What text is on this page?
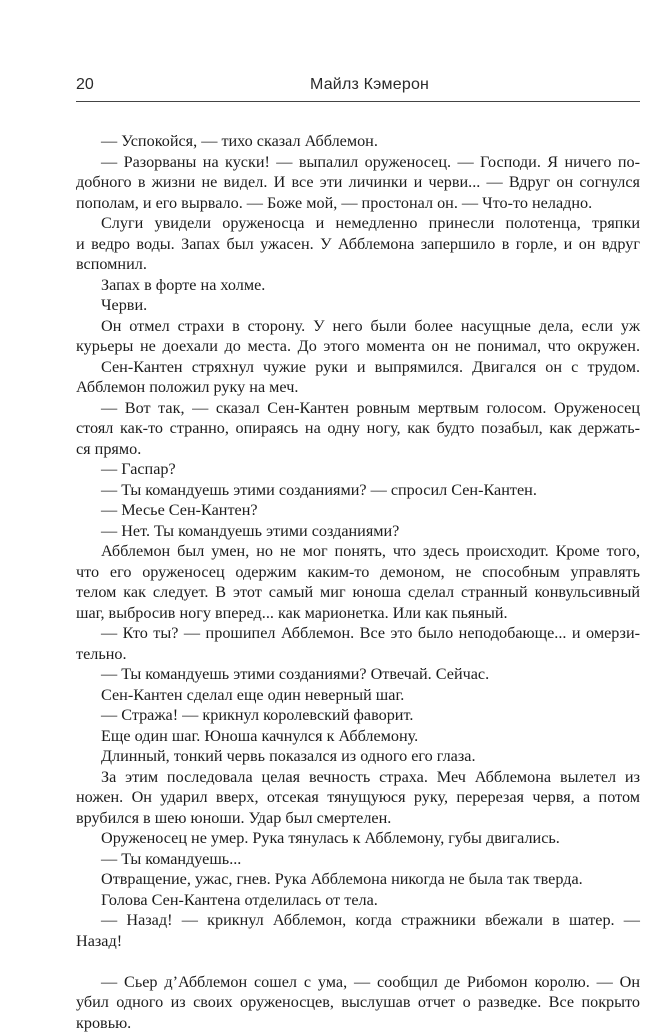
20	Майлз Кэмерон
— Успокойся, — тихо сказал Абблемон.
— Разорваны на куски! — выпалил оруженосец. — Господи. Я ничего по-
добного в жизни не видел. И все эти личинки и черви... — Вдруг он согнулся
пополам, и его вырвало. — Боже мой, — простонал он. — Что-то неладно.
Слуги увидели оруженосца и немедленно принесли полотенца, тряпки
и ведро воды. Запах был ужасен. У Абблемона запершило в горле, и он вдруг
вспомнил.
Запах в форте на холме.
Черви.
Он отмел страхи в сторону. У него были более насущные дела, если уж
курьеры не доехали до места. До этого момента он не понимал, что окружен.
Сен-Кантен стряхнул чужие руки и выпрямился. Двигался он с трудом.
Абблемон положил руку на меч.
— Вот так, — сказал Сен-Кантен ровным мертвым голосом. Оруженосец
стоял как-то странно, опираясь на одну ногу, как будто позабыл, как держать-
ся прямо.
— Гаспар?
— Ты командуешь этими созданиями? — спросил Сен-Кантен.
— Месье Сен-Кантен?
— Нет. Ты командуешь этими созданиями?
Абблемон был умен, но не мог понять, что здесь происходит. Кроме того,
что его оруженосец одержим каким-то демоном, не способным управлять
телом как следует. В этот самый миг юноша сделал странный конвульсивный
шаг, выбросив ногу вперед... как марионетка. Или как пьяный.
— Кто ты? — прошипел Абблемон. Все это было неподобающе... и омерзи-
тельно.
— Ты командуешь этими созданиями? Отвечай. Сейчас.
Сен-Кантен сделал еще один неверный шаг.
— Стража! — крикнул королевский фаворит.
Еще один шаг. Юноша качнулся к Абблемону.
Длинный, тонкий червь показался из одного его глаза.
За этим последовала целая вечность страха. Меч Абблемона вылетел из
ножен. Он ударил вверх, отсекая тянущуюся руку, перерезая червя, а потом
врубился в шею юноши. Удар был смертелен.
Оруженосец не умер. Рука тянулась к Абблемону, губы двигались.
— Ты командуешь...
Отвращение, ужас, гнев. Рука Абблемона никогда не была так тверда.
Голова Сен-Кантена отделилась от тела.
— Назад! — крикнул Абблемон, когда стражники вбежали в шатер. —
Назад!
— Сьер д’Абблемон сошел с ума, — сообщил де Рибомон королю. — Он
убил одного из своих оруженосцев, выслушав отчет о разведке. Все покрыто
кровью.
